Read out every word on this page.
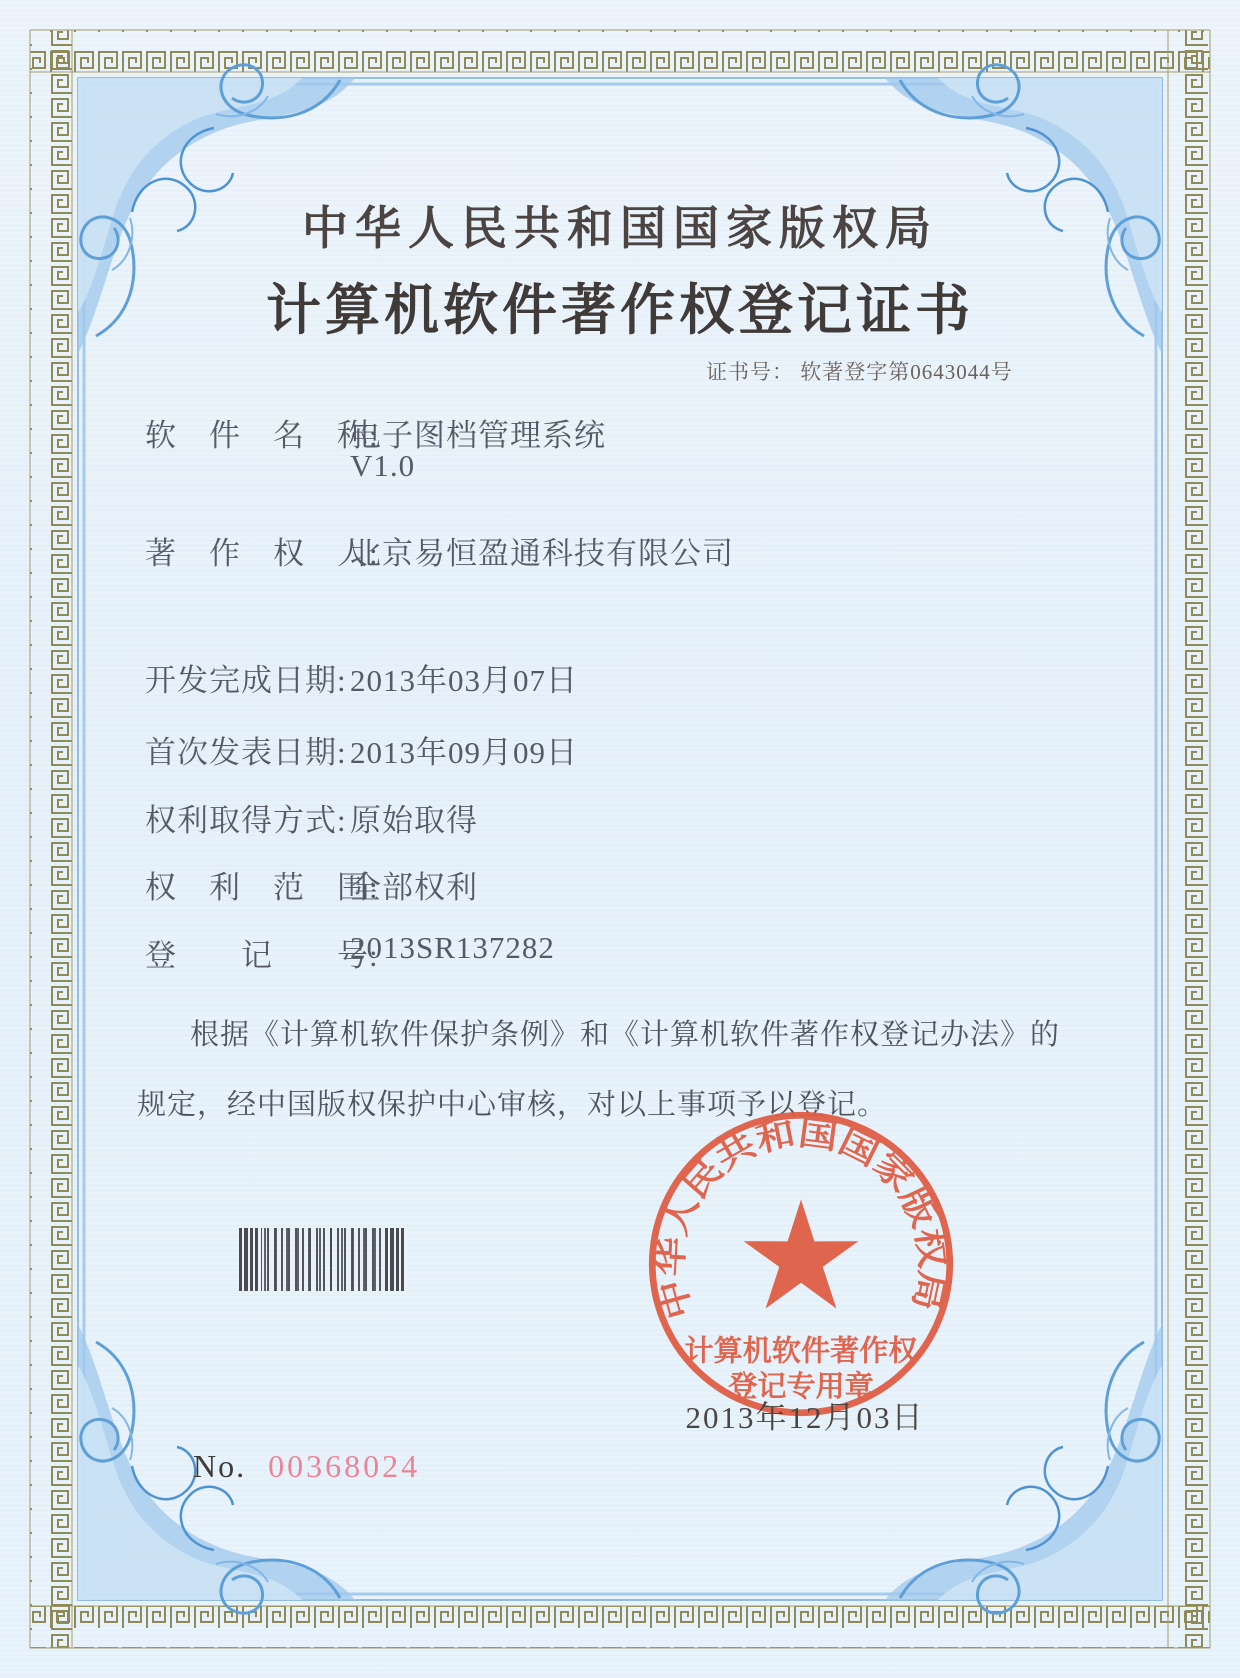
中华人民共和国国家版权局
计算机软件著作权登记证书
证书号： 软著登字第0643044号
软　件　名　称:
电子图档管理系统
V1.0
著　作　权　人:
北京易恒盈通科技有限公司
开发完成日期: 2013年03月07日
首次发表日期: 2013年09月09日
权利取得方式: 原始取得
权　利　范　围:
全部权利
登　　记　　号:
2013SR137282
根据《计算机软件保护条例》和《计算机软件著作权登记办法》的
规定，经中国版权保护中心审核，对以上事项予以登记。
中华人民共和国国家版权局
计算机软件著作权
登记专用章
2013年12月03日
No. 00368024
